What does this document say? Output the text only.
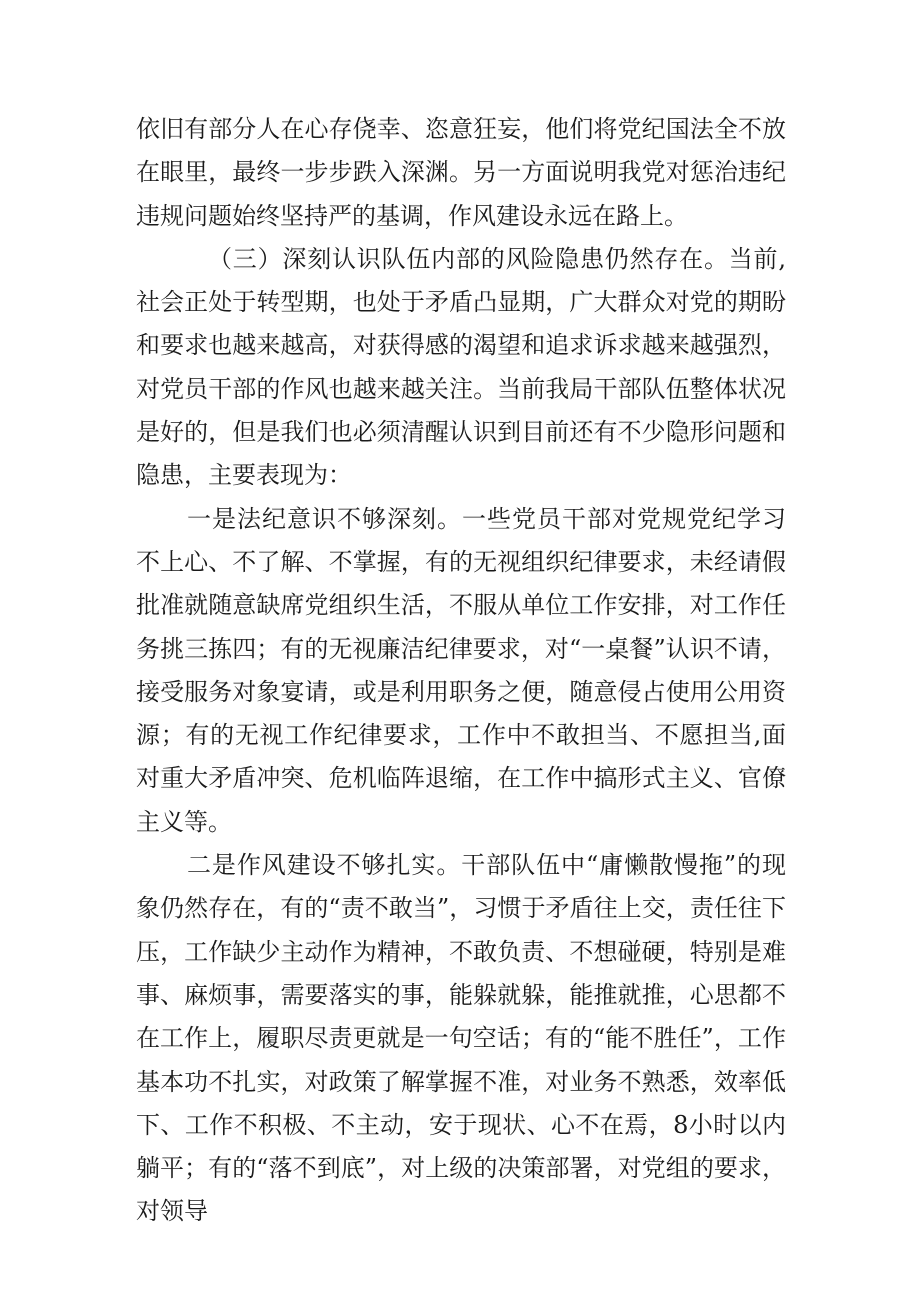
依旧有部分人在心存侥幸、恣意狂妄，他们将党纪国法全不放在眼里，最终一步步跌入深渊。另一方面说明我党对惩治违纪违规问题始终坚持严的基调，作风建设永远在路上。

（三）深刻认识队伍内部的风险隐患仍然存在。当前,社会正处于转型期，也处于矛盾凸显期，广大群众对党的期盼和要求也越来越高，对获得感的渴望和追求诉求越来越强烈，对党员干部的作风也越来越关注。当前我局干部队伍整体状况是好的，但是我们也必须清醒认识到目前还有不少隐形问题和隐患，主要表现为：

一是法纪意识不够深刻。一些党员干部对党规党纪学习不上心、不了解、不掌握，有的无视组织纪律要求，未经请假批准就随意缺席党组织生活，不服从单位工作安排，对工作任务挑三拣四；有的无视廉洁纪律要求，对“一桌餐”认识不请，接受服务对象宴请，或是利用职务之便，随意侵占使用公用资源；有的无视工作纪律要求，工作中不敢担当、不愿担当,面对重大矛盾冲突、危机临阵退缩，在工作中搞形式主义、官僚主义等。

二是作风建设不够扎实。干部队伍中“庸懒散慢拖”的现象仍然存在，有的“责不敢当”，习惯于矛盾往上交，责任往下压，工作缺少主动作为精神，不敢负责、不想碰硬，特别是难事、麻烦事，需要落实的事，能躲就躲，能推就推，心思都不在工作上，履职尽责更就是一句空话；有的“能不胜任”，工作基本功不扎实，对政策了解掌握不准，对业务不熟悉，效率低下、工作不积极、不主动，安于现状、心不在焉，8小时以内躺平；有的“落不到底”，对上级的决策部署，对党组的要求，对领导
